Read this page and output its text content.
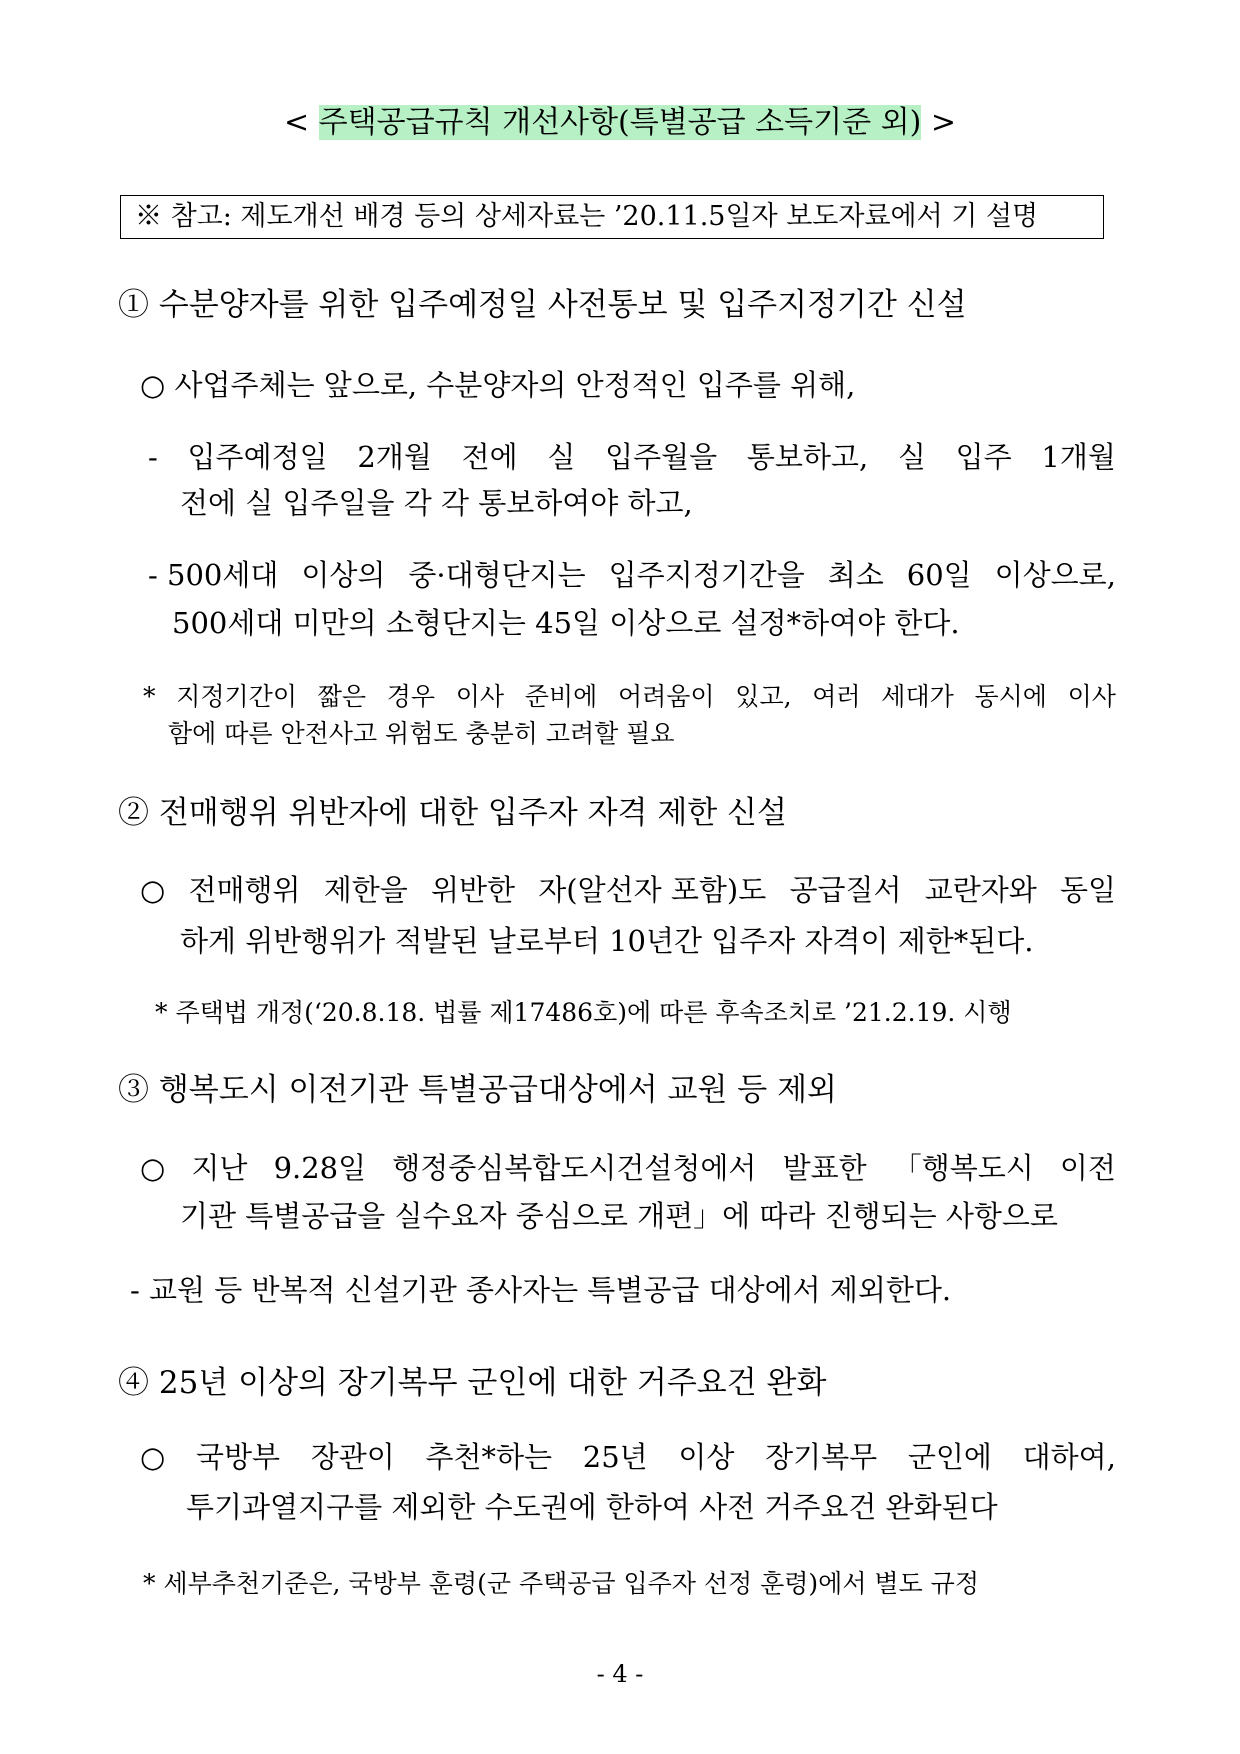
< 주택공급규칙 개선사항(특별공급 소득기준 외) >
※ 참고: 제도개선 배경 등의 상세자료는 ’20.11.5일자 보도자료에서 기 설명
① 수분양자를 위한 입주예정일 사전통보 및 입주지정기간 신설
○ 사업주체는 앞으로, 수분양자의 안정적인 입주를 위해,
- 입주예정일 2개월 전에 실 입주월을 통보하고, 실 입주 1개월
전에 실 입주일을 각 각 통보하여야 하고,
- 500세대 이상의 중·대형단지는 입주지정기간을 최소 60일 이상으로,
500세대 미만의 소형단지는 45일 이상으로 설정*하여야 한다.
* 지정기간이 짧은 경우 이사 준비에 어려움이 있고, 여러 세대가 동시에 이사
함에 따른 안전사고 위험도 충분히 고려할 필요
② 전매행위 위반자에 대한 입주자 자격 제한 신설
○ 전매행위 제한을 위반한 자(알선자 포함)도 공급질서 교란자와 동일
하게 위반행위가 적발된 날로부터 10년간 입주자 자격이 제한*된다.
* 주택법 개정(‘20.8.18. 법률 제17486호)에 따른 후속조치로 ’21.2.19. 시행
③ 행복도시 이전기관 특별공급대상에서 교원 등 제외
○ 지난 9.28일 행정중심복합도시건설청에서 발표한 「행복도시 이전
기관 특별공급을 실수요자 중심으로 개편」에 따라 진행되는 사항으로
- 교원 등 반복적 신설기관 종사자는 특별공급 대상에서 제외한다.
④ 25년 이상의 장기복무 군인에 대한 거주요건 완화
○ 국방부 장관이 추천*하는 25년 이상 장기복무 군인에 대하여,
투기과열지구를 제외한 수도권에 한하여 사전 거주요건 완화된다
* 세부추천기준은, 국방부 훈령(군 주택공급 입주자 선정 훈령)에서 별도 규정
- 4 -
